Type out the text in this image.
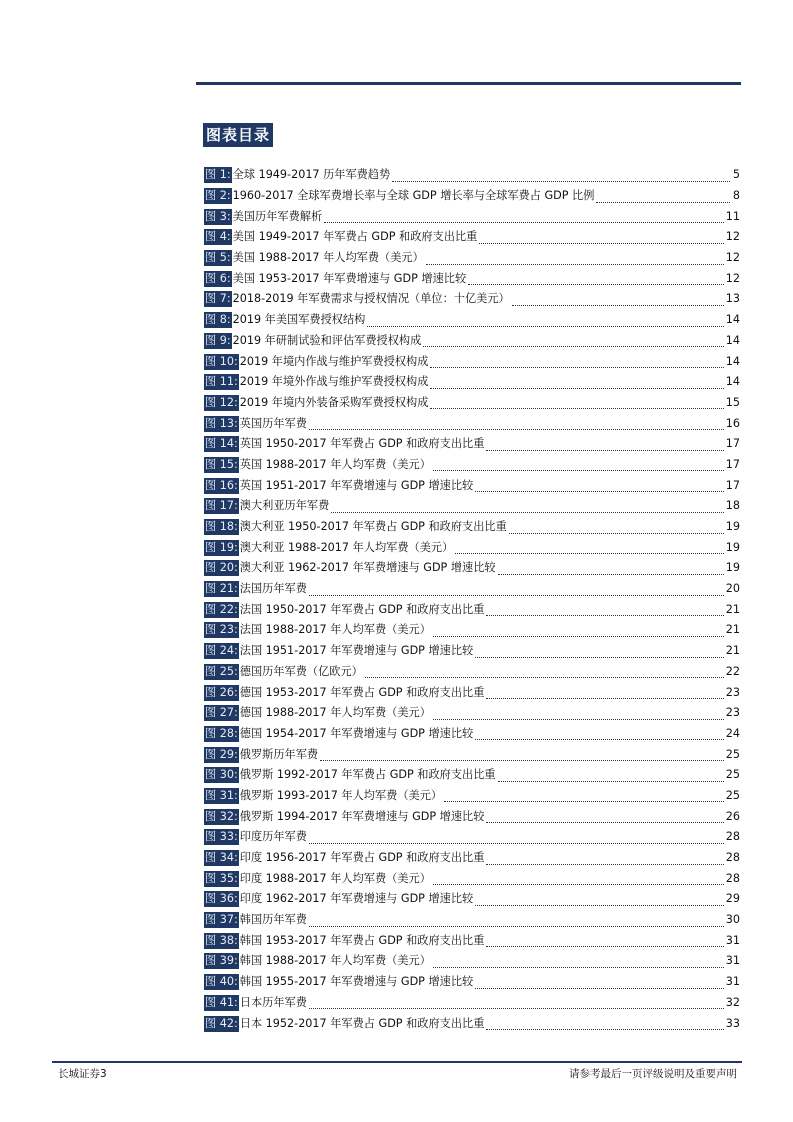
图表目录
图 1: 全球 1949-2017 历年军费趋势	5
图 2: 1960-2017 全球军费增长率与全球 GDP 增长率与全球军费占 GDP 比例	8
图 3: 美国历年军费解析	11
图 4: 美国 1949-2017 年军费占 GDP 和政府支出比重	12
图 5: 美国 1988-2017 年人均军费（美元）	12
图 6: 美国 1953-2017 年军费增速与 GDP 增速比较	12
图 7: 2018-2019 年军费需求与授权情况（单位：十亿美元）	13
图 8: 2019 年美国军费授权结构	14
图 9: 2019 年研制试验和评估军费授权构成	14
图 10: 2019 年境内作战与维护军费授权构成	14
图 11: 2019 年境外作战与维护军费授权构成	14
图 12: 2019 年境内外装备采购军费授权构成	15
图 13: 英国历年军费	16
图 14: 英国 1950-2017 年军费占 GDP 和政府支出比重	17
图 15: 英国 1988-2017 年人均军费（美元）	17
图 16: 英国 1951-2017 年军费增速与 GDP 增速比较	17
图 17: 澳大利亚历年军费	18
图 18: 澳大利亚 1950-2017 年军费占 GDP 和政府支出比重	19
图 19: 澳大利亚 1988-2017 年人均军费（美元）	19
图 20: 澳大利亚 1962-2017 年军费增速与 GDP 增速比较	19
图 21: 法国历年军费	20
图 22: 法国 1950-2017 年军费占 GDP 和政府支出比重	21
图 23: 法国 1988-2017 年人均军费（美元）	21
图 24: 法国 1951-2017 年军费增速与 GDP 增速比较	21
图 25: 德国历年军费（亿欧元）	22
图 26: 德国 1953-2017 年军费占 GDP 和政府支出比重	23
图 27: 德国 1988-2017 年人均军费（美元）	23
图 28: 德国 1954-2017 年军费增速与 GDP 增速比较	24
图 29: 俄罗斯历年军费	25
图 30: 俄罗斯 1992-2017 年军费占 GDP 和政府支出比重	25
图 31: 俄罗斯 1993-2017 年人均军费（美元）	25
图 32: 俄罗斯 1994-2017 年军费增速与 GDP 增速比较	26
图 33: 印度历年军费	28
图 34: 印度 1956-2017 年军费占 GDP 和政府支出比重	28
图 35: 印度 1988-2017 年人均军费（美元）	28
图 36: 印度 1962-2017 年军费增速与 GDP 增速比较	29
图 37: 韩国历年军费	30
图 38: 韩国 1953-2017 年军费占 GDP 和政府支出比重	31
图 39: 韩国 1988-2017 年人均军费（美元）	31
图 40: 韩国 1955-2017 年军费增速与 GDP 增速比较	31
图 41: 日本历年军费	32
图 42: 日本 1952-2017 年军费占 GDP 和政府支出比重	33
长城证券3	请参考最后一页评级说明及重要声明
